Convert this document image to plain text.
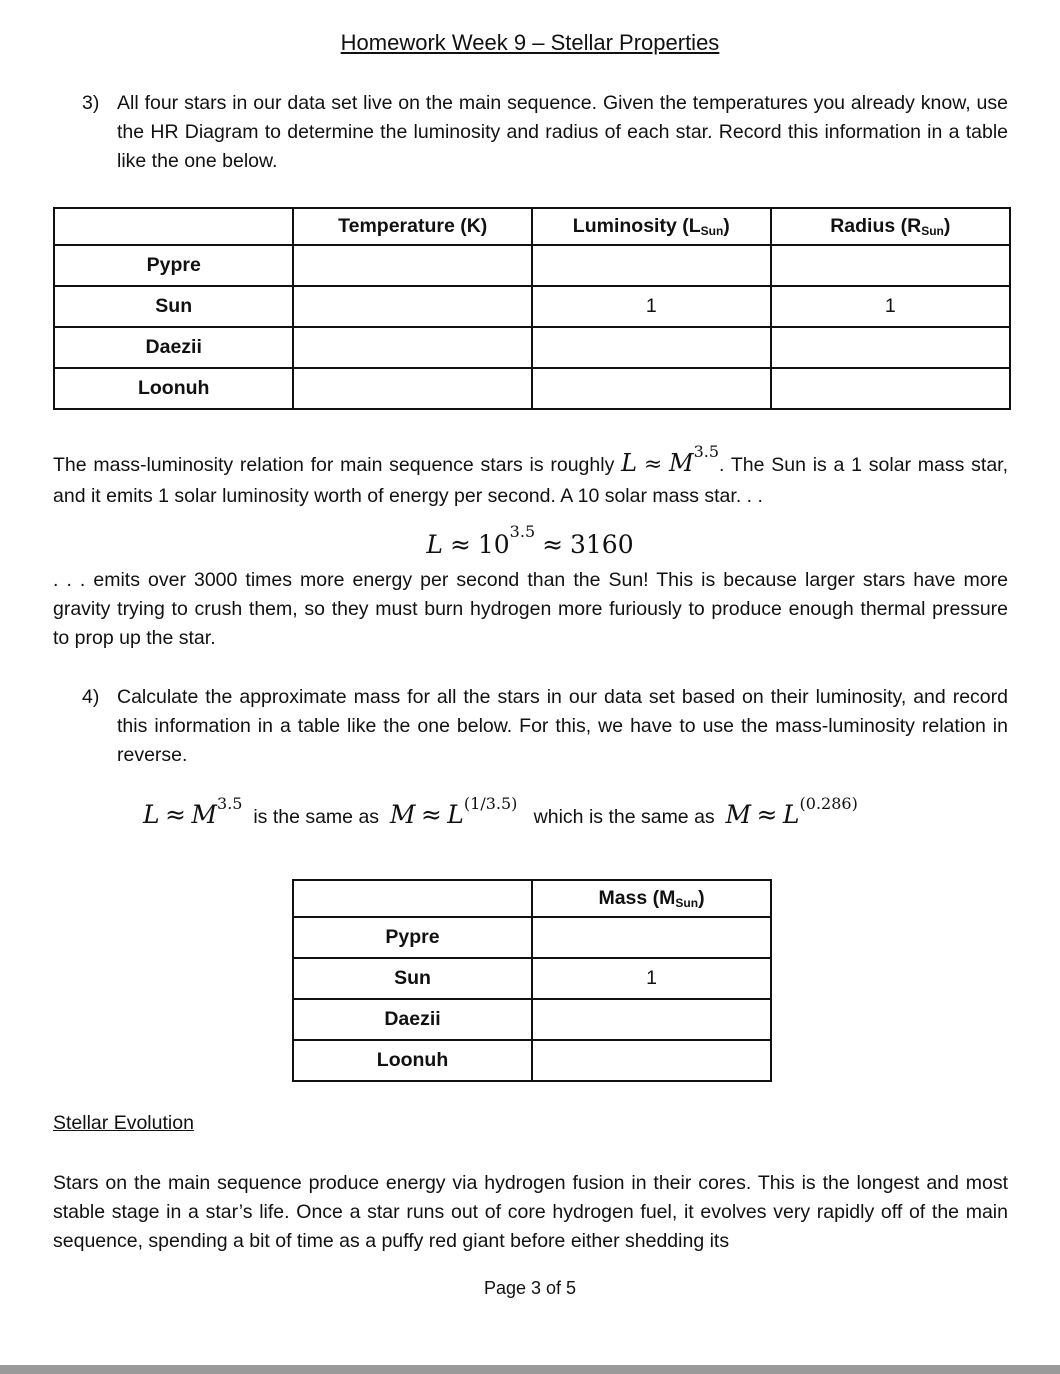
Homework Week 9 – Stellar Properties
3) All four stars in our data set live on the main sequence. Given the temperatures you already know, use the HR Diagram to determine the luminosity and radius of each star. Record this information in a table like the one below.
	Temperature (K)	Luminosity $(L_{Sun})$	Radius $(R_{Sun})$
Pypre			
Sun		1	1
Daezii			
Loonuh			
The mass-luminosity relation for main sequence stars is roughly $L \approx M^{3.5}$. The Sun is a 1 solar mass star, and it emits 1 solar luminosity worth of energy per second. A 10 solar mass star. . .
$L \approx 10^{3.5} \approx 3160$
. . . emits over 3000 times more energy per second than the Sun! This is because larger stars have more gravity trying to crush them, so they must burn hydrogen more furiously to produce enough thermal pressure to prop up the star.
4) Calculate the approximate mass for all the stars in our data set based on their luminosity, and record this information in a table like the one below. For this, we have to use the mass-luminosity relation in reverse.
$L \approx M^{3.5}$  is the same as $M \approx L^{(1/3.5)}$   which is the same as $M \approx L^{(0.286)}$
	Mass $(M_{Sun})$
Pypre	
Sun	1
Daezii	
Loonuh	
Stellar Evolution
Stars on the main sequence produce energy via hydrogen fusion in their cores. This is the longest and most stable stage in a star’s life. Once a star runs out of core hydrogen fuel, it evolves very rapidly off of the main sequence, spending a bit of time as a puffy red giant before either shedding its
Page 3 of 5
